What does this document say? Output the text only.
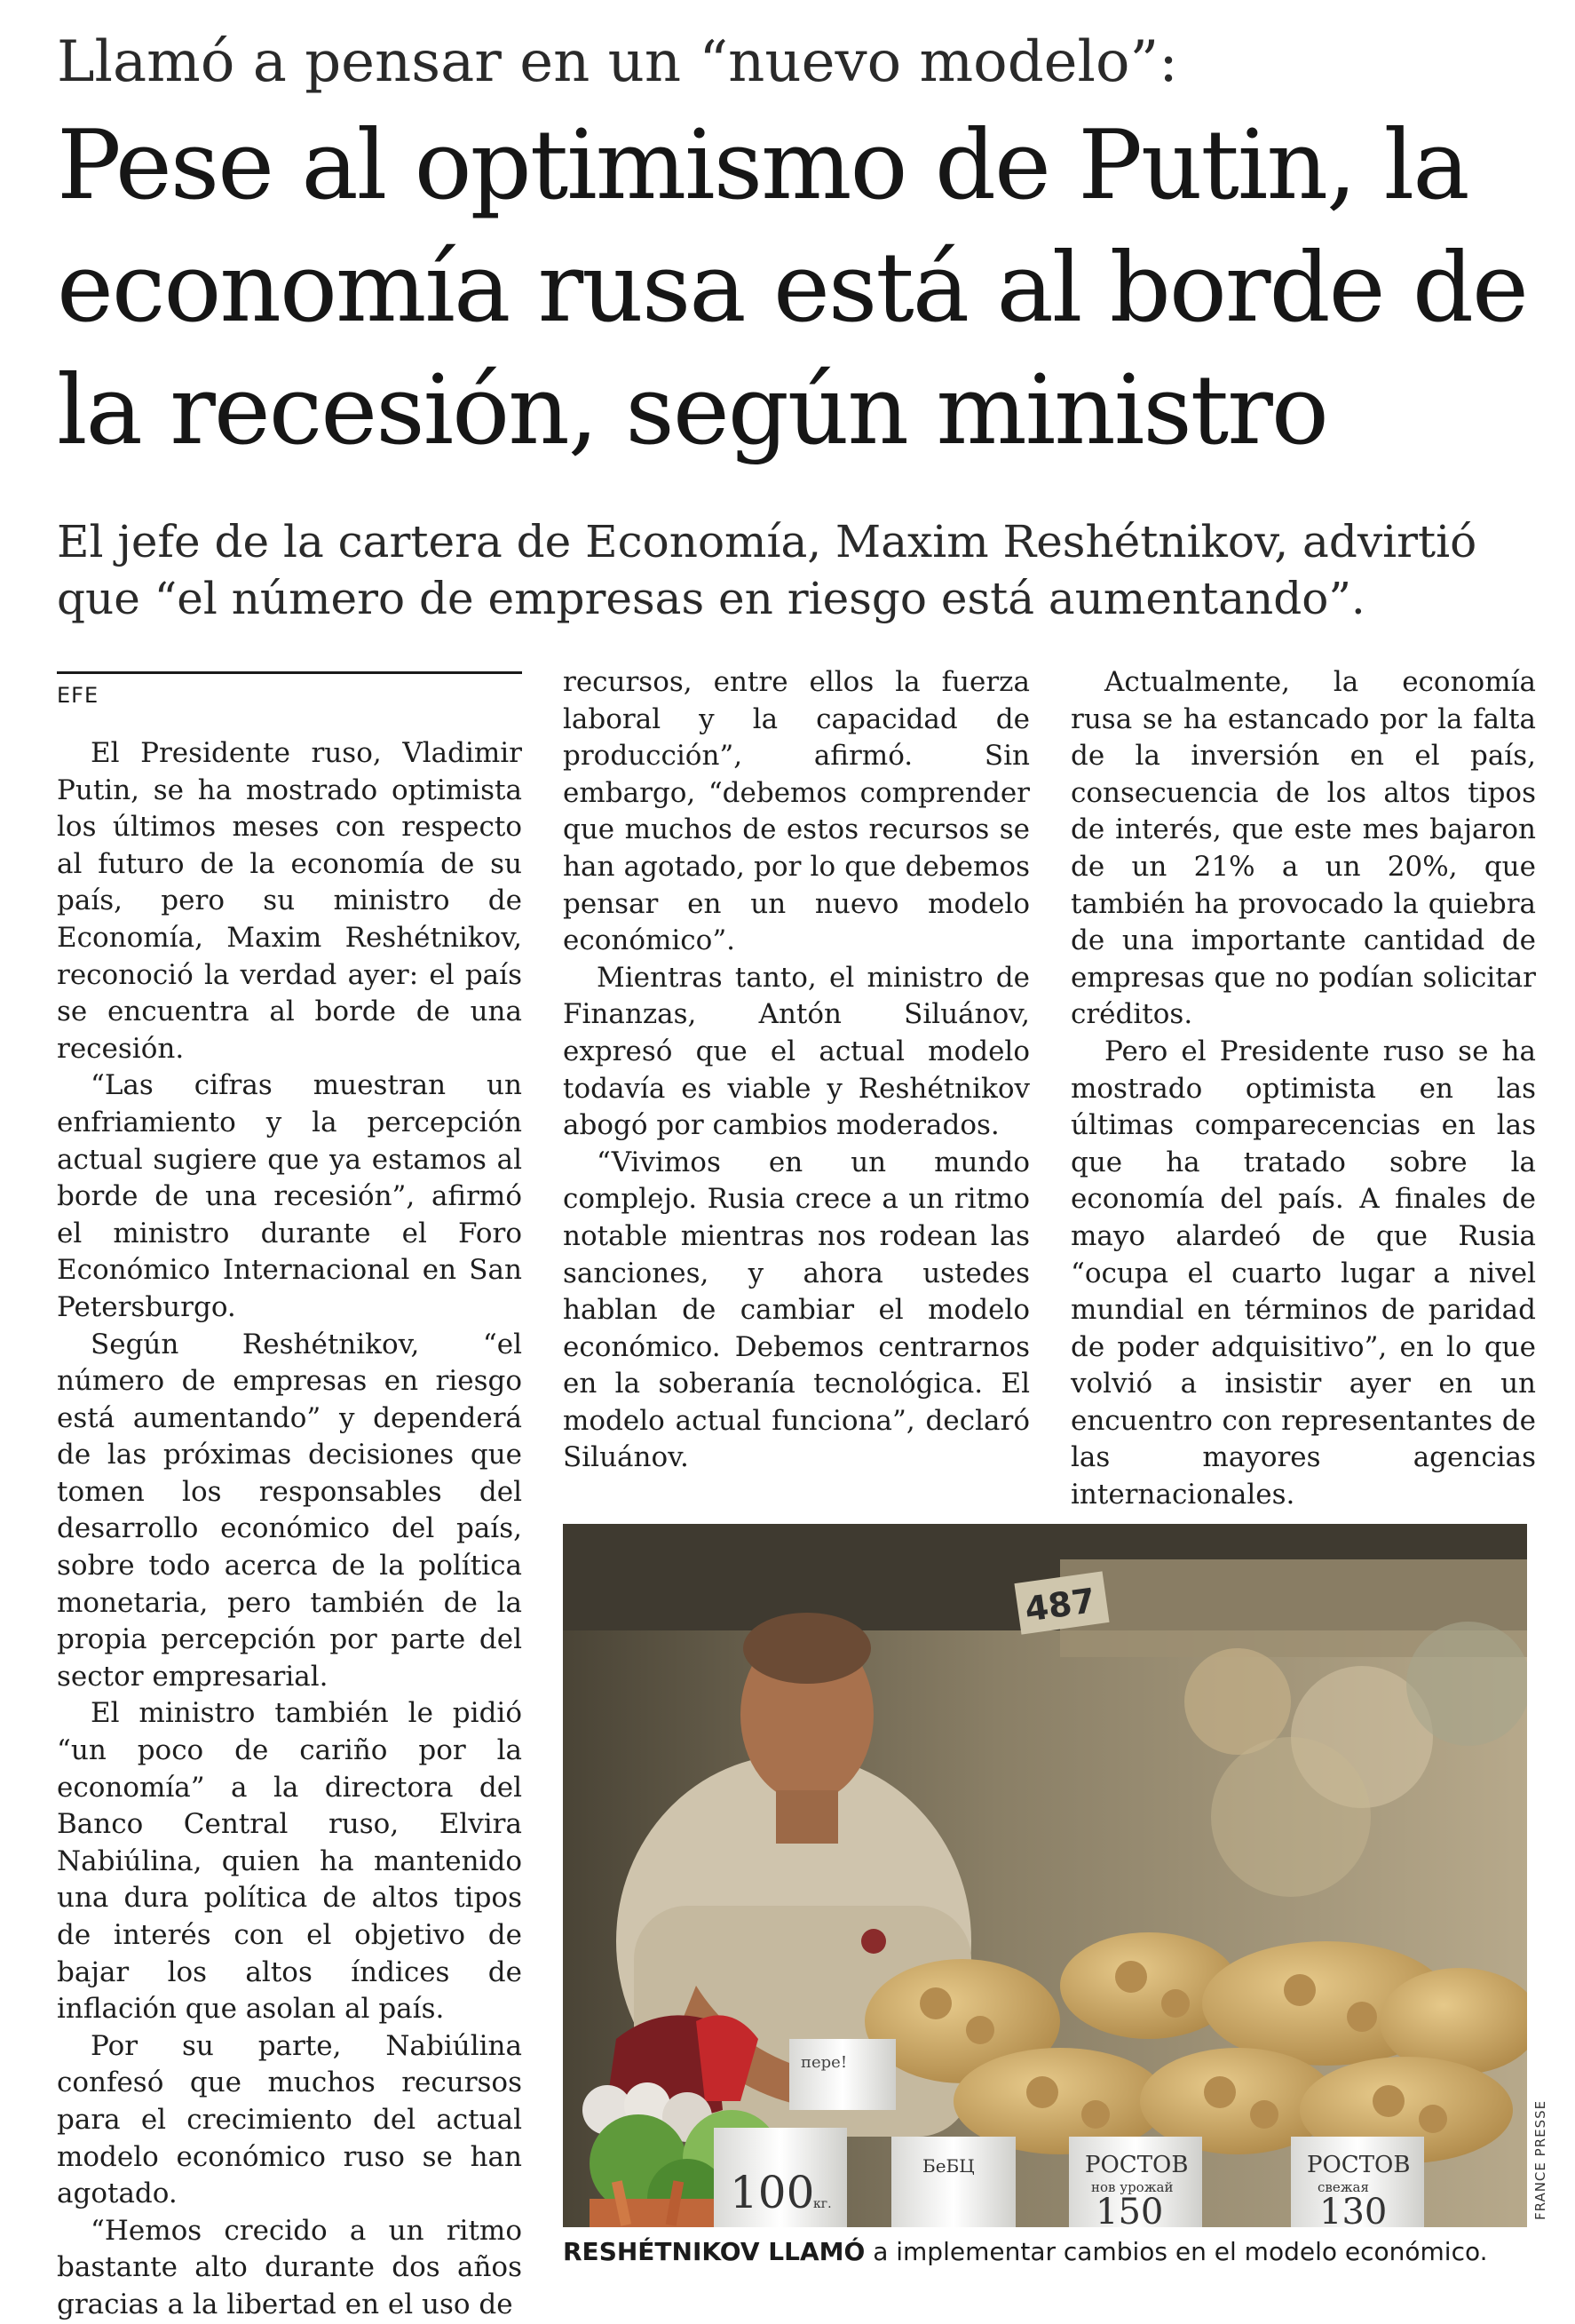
Llamó a pensar en un “nuevo modelo”:
Pese al optimismo de Putin, la economía rusa está al borde de la recesión, según ministro
El jefe de la cartera de Economía, Maxim Reshétnikov, advirtió que “el número de empresas en riesgo está aumentando”.
EFE

El Presidente ruso, Vladimir Putin, se ha mostrado optimista los últimos meses con respecto al futuro de la economía de su país, pero su ministro de Economía, Maxim Reshétnikov, reconoció la verdad ayer: el país se encuentra al borde de una recesión.

“Las cifras muestran un enfriamiento y la percepción actual sugiere que ya estamos al borde de una recesión”, afirmó el ministro durante el Foro Económico Internacional en San Petersburgo.

Según Reshétnikov, “el número de empresas en riesgo está aumentando” y dependerá de las próximas decisiones que tomen los responsables del desarrollo económico del país, sobre todo acerca de la política monetaria, pero también de la propia percepción por parte del sector empresarial.

El ministro también le pidió “un poco de cariño por la economía” a la directora del Banco Central ruso, Elvira Nabiúlina, quien ha mantenido una dura política de altos tipos de interés con el objetivo de bajar los altos índices de inflación que asolan al país.

Por su parte, Nabiúlina confesó que muchos recursos para el crecimiento del actual modelo económico ruso se han agotado.

“Hemos crecido a un ritmo bastante alto durante dos años gracias a la libertad en el uso de

recursos, entre ellos la fuerza laboral y la capacidad de producción”, afirmó. Sin embargo, “debemos comprender que muchos de estos recursos se han agotado, por lo que debemos pensar en un nuevo modelo económico”.

Mientras tanto, el ministro de Finanzas, Antón Siluánov, expresó que el actual modelo todavía es viable y Reshétnikov abogó por cambios moderados.

“Vivimos en un mundo complejo. Rusia crece a un ritmo notable mientras nos rodean las sanciones, y ahora ustedes hablan de cambiar el modelo económico. Debemos centrarnos en la soberanía tecnológica. El modelo actual funciona”, declaró Siluánov.

Actualmente, la economía rusa se ha estancado por la falta de la inversión en el país, consecuencia de los altos tipos de interés, que este mes bajaron de un 21% a un 20%, que también ha provocado la quiebra de una importante cantidad de empresas que no podían solicitar créditos.

Pero el Presidente ruso se ha mostrado optimista en las últimas comparecencias en las que ha tratado sobre la economía del país. A finales de mayo alardeó de que Rusia “ocupa el cuarto lugar a nivel mundial en términos de paridad de poder adquisitivo”, en lo que volvió a insistir ayer en un encuentro con representantes de las mayores agencias internacionales.

487
перe!
100
кг.
БеБЦ	РОСТОВ
нов урожай
150
РОСТОВ
свежая
130	FRANCE PRESSE
RESHÉTNIKOV LLAMÓ a implementar cambios en el modelo económico.
